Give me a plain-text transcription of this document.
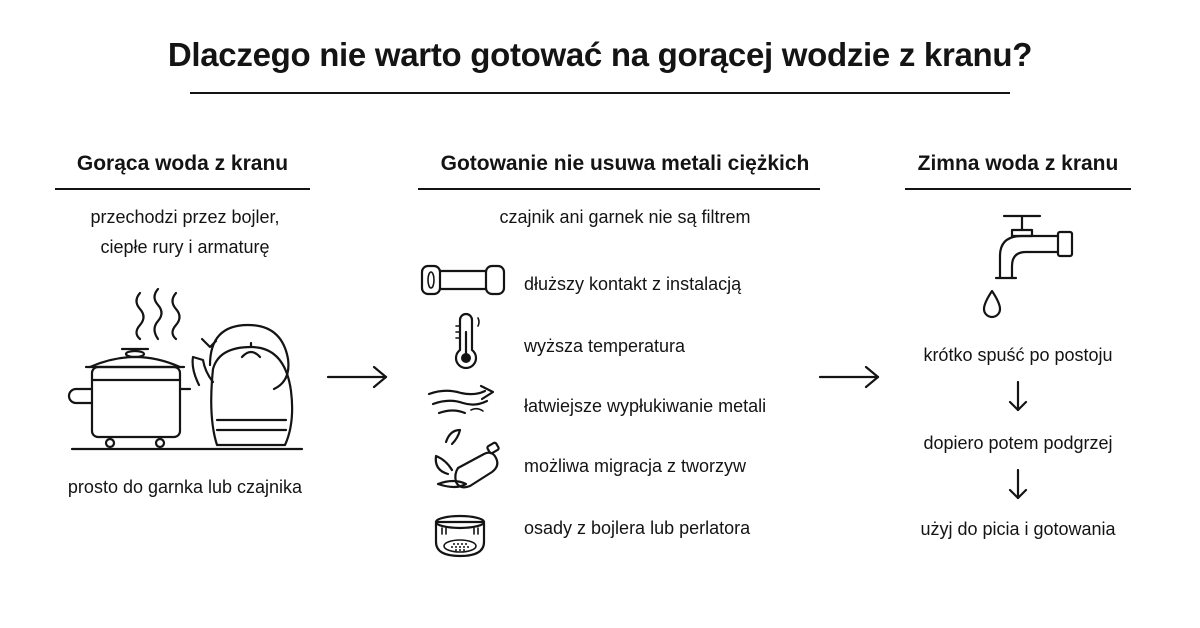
Dlaczego nie warto gotować na gorącej wodzie z kranu?
Gorąca woda z kranu
przechodzi przez bojler,
ciepłe rury i armaturę
prosto do garnka lub czajnika
Gotowanie nie usuwa metali ciężkich
czajnik ani garnek nie są filtrem
dłuższy kontakt z instalacją
wyższa temperatura
łatwiejsze wypłukiwanie metali
możliwa migracja z tworzyw
osady z bojlera lub perlatora
Zimna woda z kranu
krótko spuść po postoju
dopiero potem podgrzej
użyj do picia i gotowania
